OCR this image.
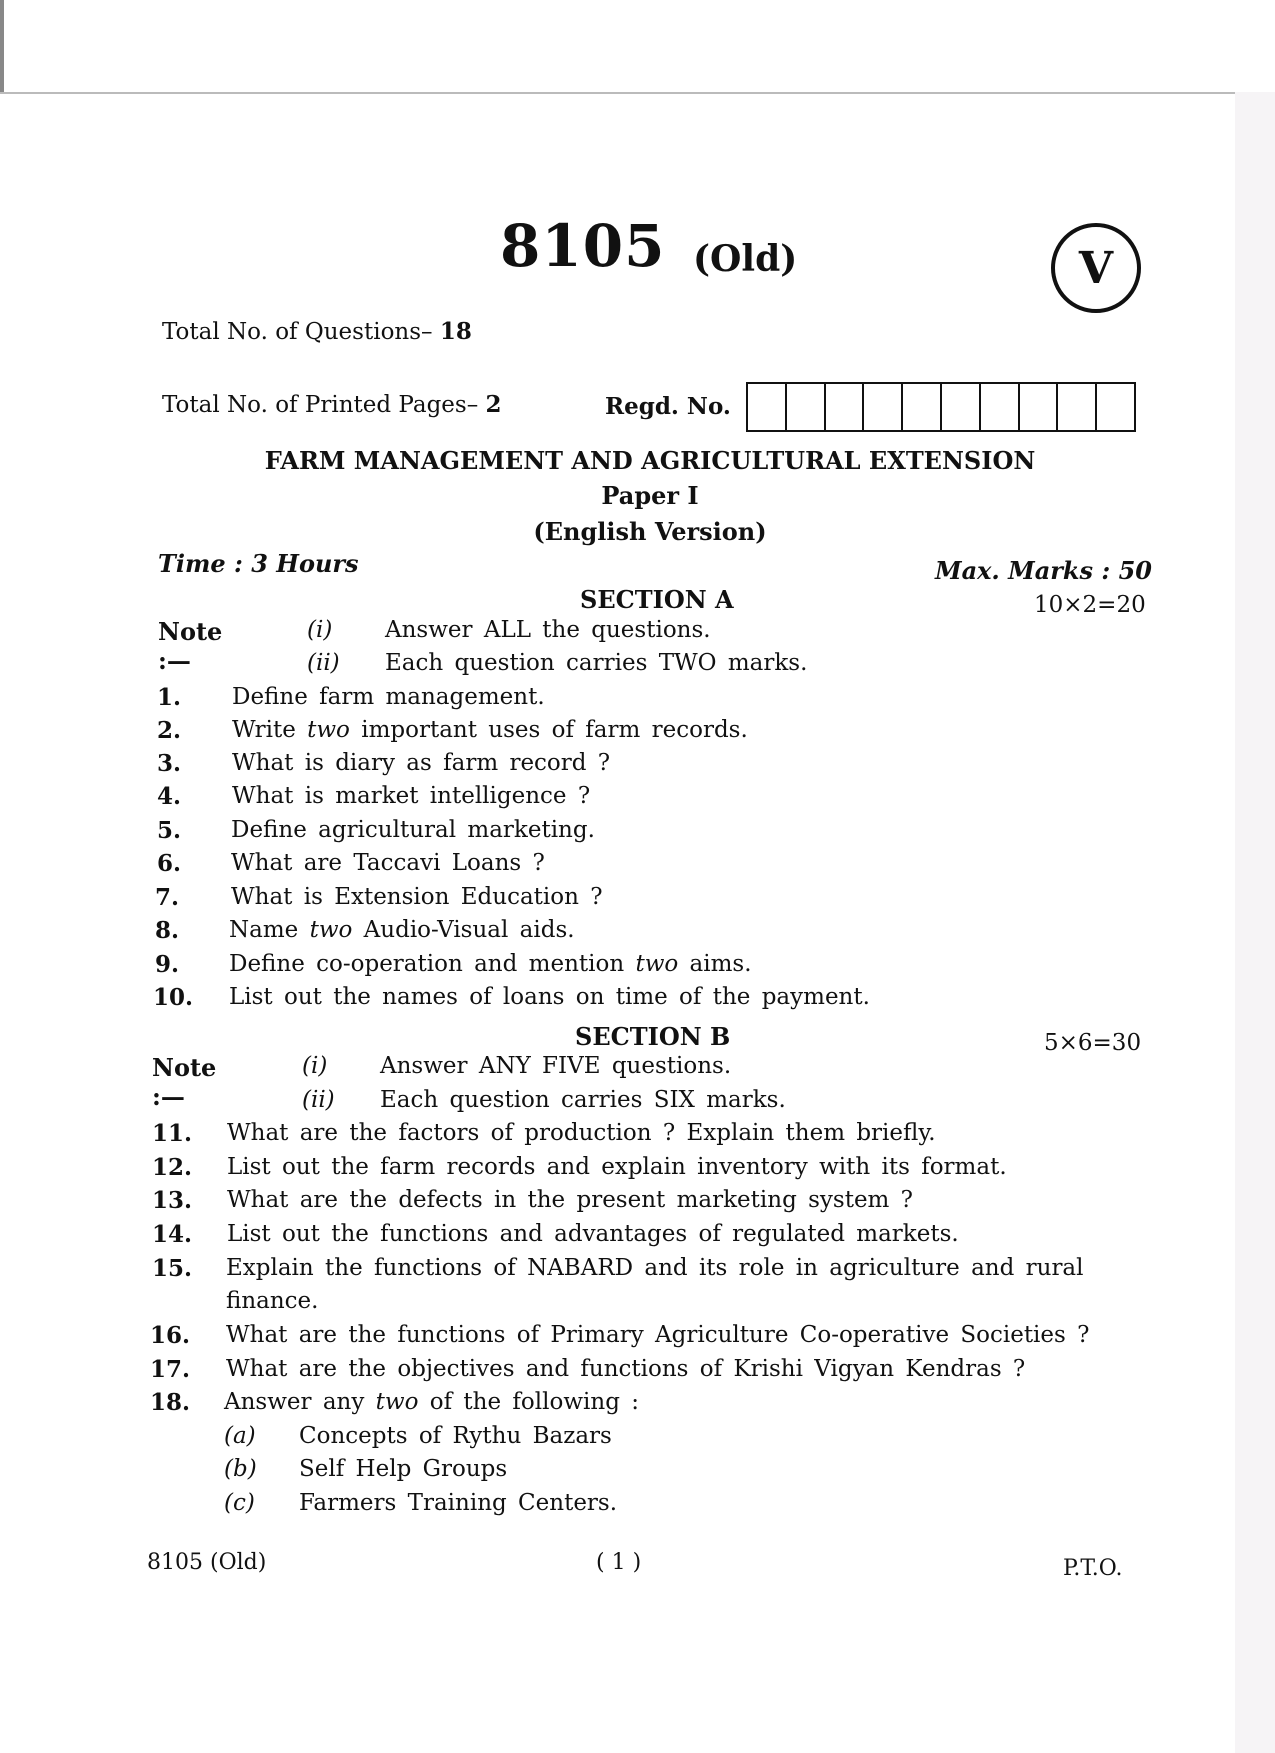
8105 (Old)	V
Total No. of Questions– 18
Total No. of Printed Pages– 2	Regd. No.
FARM MANAGEMENT AND AGRICULTURAL EXTENSION
Paper I
(English Version)
Time : 3 Hours	Max. Marks : 50
SECTION A	10×2=20
Note :—
(i) Answer ALL the questions.
(ii) Each question carries TWO marks.
1. Define farm management.
2. Write two important uses of farm records.
3. What is diary as farm record ?
4. What is market intelligence ?
5. Define agricultural marketing.
6. What are Taccavi Loans ?
7. What is Extension Education ?
8. Name two Audio-Visual aids.
9. Define co-operation and mention two aims.
10. List out the names of loans on time of the payment.
SECTION B	5×6=30
Note :—
(i) Answer ANY FIVE questions.
(ii) Each question carries SIX marks.
11. What are the factors of production ? Explain them briefly.
12. List out the farm records and explain inventory with its format.
13. What are the defects in the present marketing system ?
14. List out the functions and advantages of regulated markets.
15. Explain the functions of NABARD and its role in agriculture and rural
finance.
16. What are the functions of Primary Agriculture Co-operative Societies ?
17. What are the objectives and functions of Krishi Vigyan Kendras ?
18. Answer any two of the following :
(a) Concepts of Rythu Bazars
(b) Self Help Groups
(c) Farmers Training Centers.
8105 (Old)	( 1 )	P.T.O.
